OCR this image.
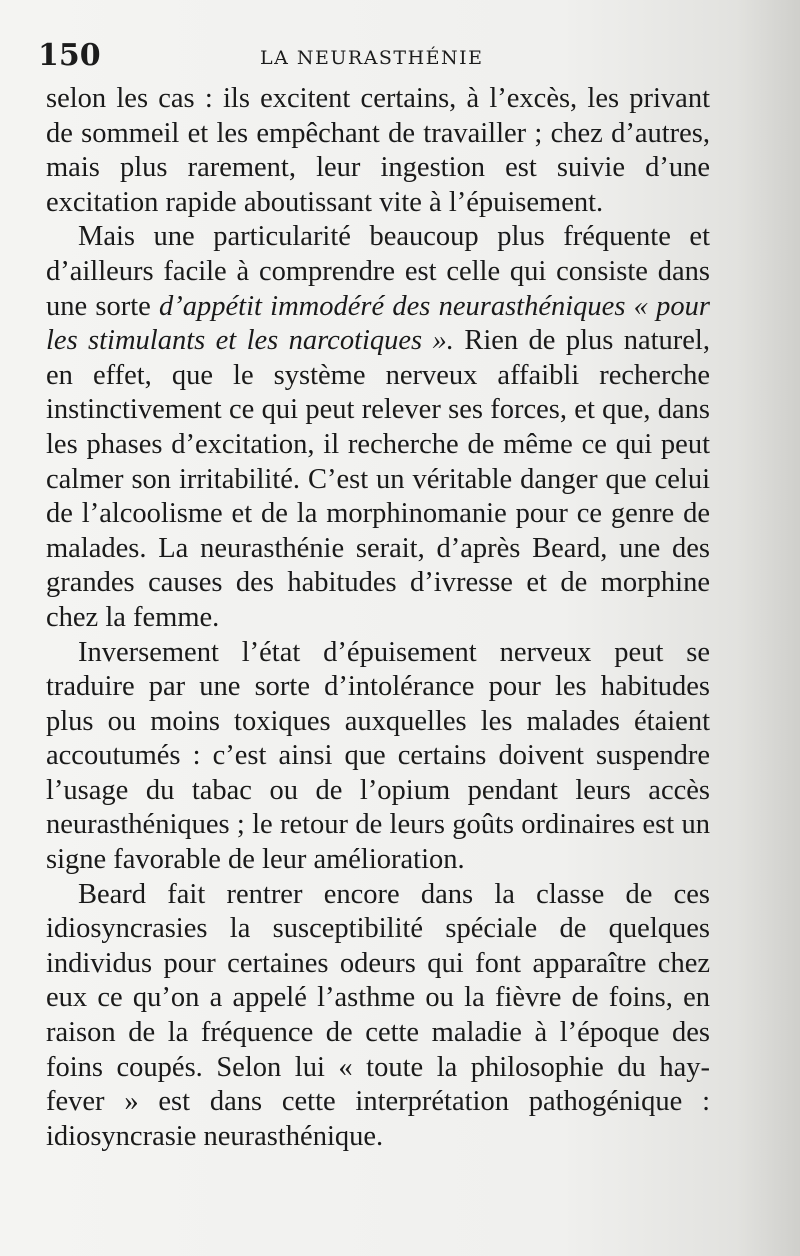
150	LA NEURASTHÉNIE

selon les cas : ils excitent certains, à l’excès, les privant de sommeil et les empêchant de travailler ; chez d’autres, mais plus rarement, leur ingestion est suivie d’une excitation rapide aboutissant vite à l’épuisement.

Mais une particularité beaucoup plus fréquente et d’ailleurs facile à comprendre est celle qui consiste dans une sorte d’appétit immodéré des neurasthéniques « pour les stimulants et les narcotiques ». Rien de plus naturel, en effet, que le système nerveux affaibli recherche instinctivement ce qui peut relever ses forces, et que, dans les phases d’excitation, il recherche de même ce qui peut calmer son irritabilité. C’est un véritable danger que celui de l’alcoolisme et de la morphinomanie pour ce genre de malades. La neurasthénie serait, d’après Beard, une des grandes causes des habitudes d’ivresse et de morphine chez la femme.

Inversement l’état d’épuisement nerveux peut se traduire par une sorte d’intolérance pour les habitudes plus ou moins toxiques auxquelles les malades étaient accoutumés : c’est ainsi que certains doivent suspendre l’usage du tabac ou de l’opium pendant leurs accès neurasthéniques ; le retour de leurs goûts ordinaires est un signe favorable de leur amélioration.

Beard fait rentrer encore dans la classe de ces idiosyncrasies la susceptibilité spéciale de quelques individus pour certaines odeurs qui font apparaître chez eux ce qu’on a appelé l’asthme ou la fièvre de foins, en raison de la fréquence de cette maladie à l’époque des foins coupés. Selon lui « toute la philosophie du hay-fever » est dans cette interprétation pathogénique : idiosyncrasie neurasthénique.
